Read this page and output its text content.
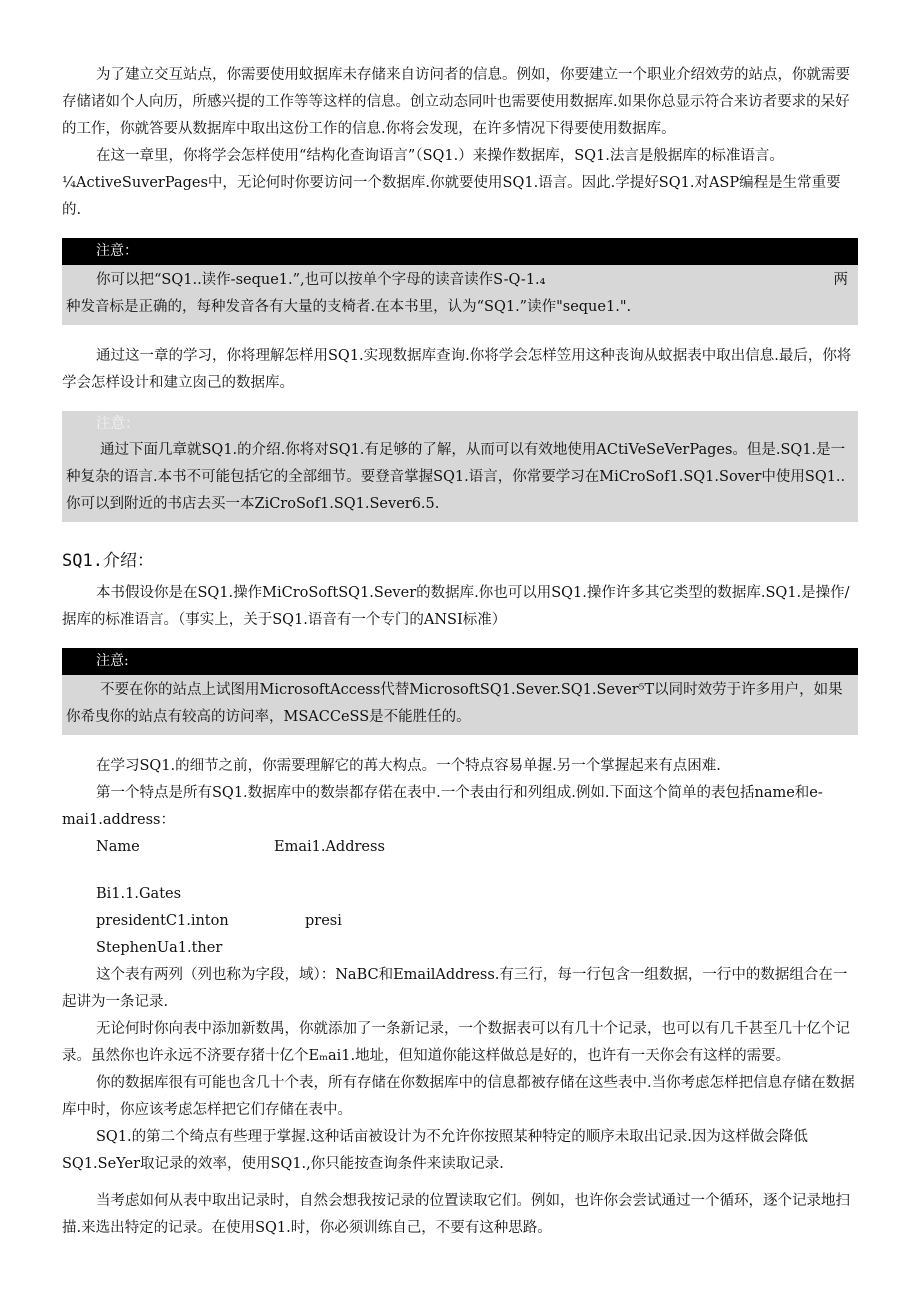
为了建立交互站点，你需要使用蚊据库未存储来自访问者的信息。例如，你要建立一个职业介绍效劳的站点，你就需要存储诸如个人向历，所感兴提的工作等等这样的信息。创立动态同叶也需要使用数据库.如果你总显示符合来访者要求的呆好的工作，你就答要从数据库中取出这份工作的信息.你将会发现，在许多情况下得要使用数据库。

在这一章里，你将学会怎样使用“结构化查询语言”（SQ1.）来操作数据库，SQ1.法言是般据库的标准语言。¼ActiveSuverPages中，无论何时你要访问一个数据库.你就要使用SQ1.语言。因此.学提好SQ1.对ASP编程是生常重要的.

注意：
你可以把“SQ1..读作-seque1.”,也可以按单个字母的读音读作S-Q-1.₄	两

种发音标是正确的，每种发音各有大量的支椅者.在本书里，认为“SQ1.”读作"seque1.".

通过这一章的学习，你将理解怎样用SQ1.实现数据库查询.你将学会怎样笠用这种丧询从蚊据表中取出信息.最后，你将学会怎样设计和建立囱己的数据库。

注意：

通过下面几章就SQ1.的介绍.你将对SQ1.有足够的了解，从而可以有效地使用ACtiVeSeVerPages。但是.SQ1.是一种复杂的语言.本书不可能包括它的全部细节。要登音掌握SQ1.语言，你常要学习在MiCroSof1.SQ1.Sover中使用SQ1..你可以到附近的书店去买一本ZiCroSof1.SQ1.Sever6.5.

SQ1.介绍：

本书假设你是在SQ1.操作MiCroSoftSQ1.Sever的数据库.你也可以用SQ1.操作许多其它类型的数据库.SQ1.是操作/据库的标准语言。（事实上，关于SQ1.语音有一个专门的ANSI标准）

注意:

不要在你的站点上试图用MicrosoftAccess代替MicrosoftSQ1.Sever.SQ1.Sever⁵T以同时效劳于许多用户，如果你希曳你的站点有较高的访问率，MSACCeSS是不能胜任的。

在学习SQ1.的细节之前，你需要理解它的苒大构点。一个特点容易单握.另一个掌握起来有点困难.

第一个特点是所有SQ1.数据库中的数崇都存偌在表中.一个表由行和列组成.例如.下面这个简单的表包括name和e-mai1.address：

Name	Emai1.Address
Bi1.1.Gates
presidentC1.inton	presi
StephenUa1.ther

这个表有两列（列也称为字段，域）：NaBC和EmailAddress.有三行，每一行包含一组数据，一行中的数据组合在一起讲为一条记录.

无论何时你向表中添加新数禺，你就添加了一条新记录，一个数据表可以有几十个记录，也可以有几千甚至几十亿个记录。虽然你也许永远不济要存猪十亿个Eₘai1.地址，但知道你能这样做总是好的，也许有一天你会有这样的需要。

你的数据库很有可能也含几十个表，所有存储在你数据库中的信息都被存储在这些表中.当你考虑怎样把信息存储在数据库中时，你应该考虑怎样把它们存储在表中。

SQ1.的第二个绮点有些理于掌握.这种话亩被设计为不允许你按照某种特定的顺序未取出记录.因为这样做会降低SQ1.SeYer取记录的效率，使用SQ1.,你只能按查询条件来读取记录.

当考虑如何从表中取出记录时，自然会想我按记录的位置读取它们。例如，也许你会尝试通过一个循环，逐个记录地扫描.来选出特定的记录。在使用SQ1.时，你必须训练自己，不要有这种思路。
